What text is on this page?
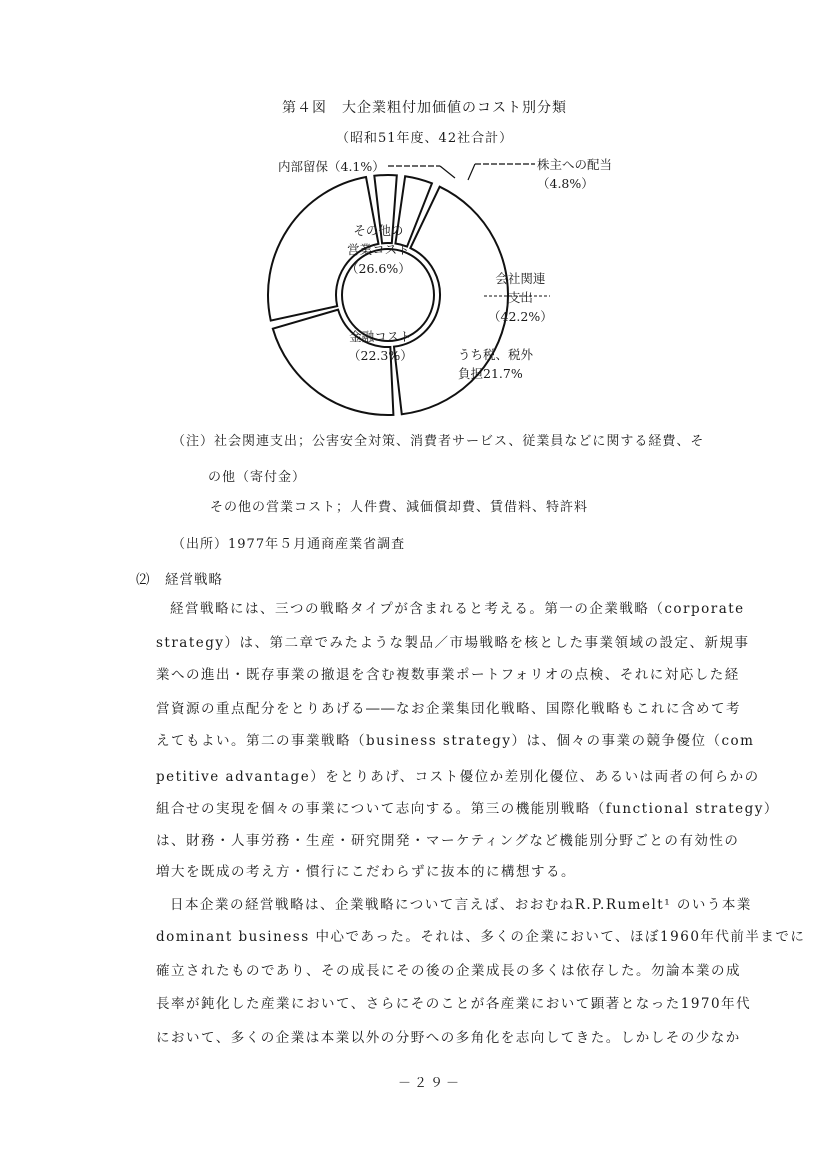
第４図　大企業粗付加価値のコスト別分類
（昭和51年度、42社合計）
内部留保（4.1%）	株主への配当
（4.8%）
その他の
営業コスト
（26.6%）
会社関連
支出
（42.2%）
金融コスト
（22.3%）	うち税、税外
負担21.7%
（注）社会関連支出；公害安全対策、消費者サービス、従業員などに関する経費、そ
の他（寄付金）
その他の営業コスト；人件費、減価償却費、賃借料、特許料
（出所）1977年５月通商産業省調査
⑵ 経営戦略
経営戦略には、三つの戦略タイプが含まれると考える。第一の企業戦略（corporate
strategy）は、第二章でみたような製品／市場戦略を核とした事業領域の設定、新規事
業への進出・既存事業の撤退を含む複数事業ポートフォリオの点検、それに対応した経
営資源の重点配分をとりあげる――なお企業集団化戦略、国際化戦略もこれに含めて考
えてもよい。第二の事業戦略（business strategy）は、個々の事業の競争優位（com
petitive advantage）をとりあげ、コスト優位か差別化優位、あるいは両者の何らかの
組合せの実現を個々の事業について志向する。第三の機能別戦略（functional strategy）
は、財務・人事労務・生産・研究開発・マーケティングなど機能別分野ごとの有効性の
増大を既成の考え方・慣行にこだわらずに抜本的に構想する。
日本企業の経営戦略は、企業戦略について言えば、おおむねR.P.Rumelt¹ のいう本業
dominant business 中心であった。それは、多くの企業において、ほぼ1960年代前半までに
確立されたものであり、その成長にその後の企業成長の多くは依存した。勿論本業の成
長率が鈍化した産業において、さらにそのことが各産業において顕著となった1970年代
において、多くの企業は本業以外の分野への多角化を志向してきた。しかしその少なか
－２９－
